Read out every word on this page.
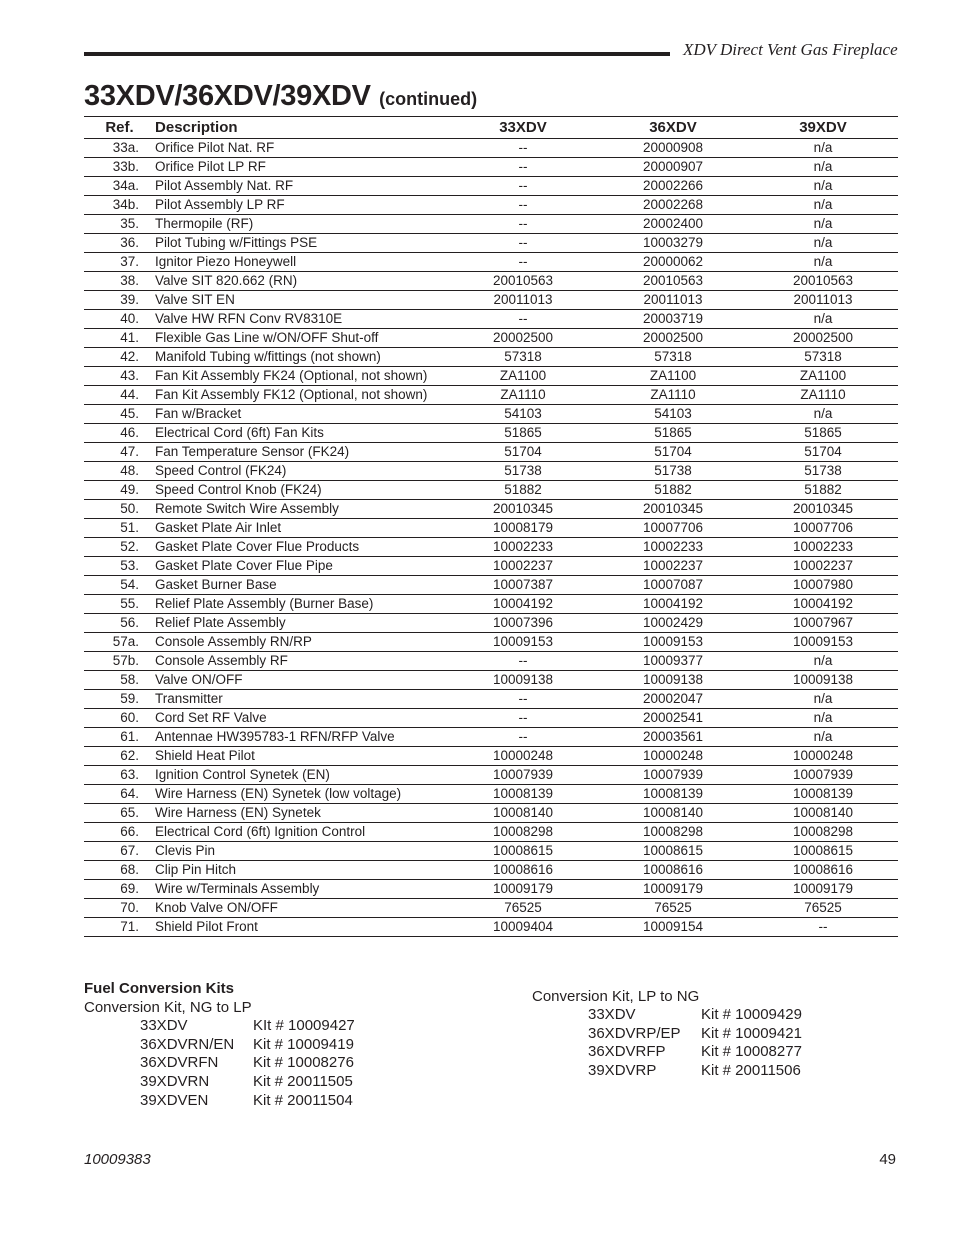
XDV Direct Vent Gas Fireplace
33XDV/36XDV/39XDV (continued)
Ref.	Description	33XDV	36XDV	39XDV
33a.	Orifice Pilot Nat. RF	--	20000908	n/a
33b.	Orifice Pilot LP RF	--	20000907	n/a
34a.	Pilot Assembly Nat. RF	--	20002266	n/a
34b.	Pilot Assembly LP RF	--	20002268	n/a
35.	Thermopile (RF)	--	20002400	n/a
36.	Pilot Tubing w/Fittings PSE	--	10003279	n/a
37.	Ignitor Piezo Honeywell	--	20000062	n/a
38.	Valve SIT 820.662 (RN)	20010563	20010563	20010563
39.	Valve SIT EN	20011013	20011013	20011013
40.	Valve HW RFN Conv RV8310E	--	20003719	n/a
41.	Flexible Gas Line w/ON/OFF Shut-off	20002500	20002500	20002500
42.	Manifold Tubing w/fittings (not shown)	57318	57318	57318
43.	Fan Kit Assembly FK24 (Optional, not shown)	ZA1100	ZA1100	ZA1100
44.	Fan Kit Assembly FK12 (Optional, not shown)	ZA1110	ZA1110	ZA1110
45.	Fan w/Bracket	54103	54103	n/a
46.	Electrical Cord (6ft) Fan Kits	51865	51865	51865
47.	Fan Temperature Sensor (FK24)	51704	51704	51704
48.	Speed Control (FK24)	51738	51738	51738
49.	Speed Control Knob (FK24)	51882	51882	51882
50.	Remote Switch Wire Assembly	20010345	20010345	20010345
51.	Gasket Plate Air Inlet	10008179	10007706	10007706
52.	Gasket Plate Cover Flue Products	10002233	10002233	10002233
53.	Gasket Plate Cover Flue Pipe	10002237	10002237	10002237
54.	Gasket Burner Base	10007387	10007087	10007980
55.	Relief Plate Assembly (Burner Base)	10004192	10004192	10004192
56.	Relief Plate Assembly	10007396	10002429	10007967
57a.	Console Assembly RN/RP	10009153	10009153	10009153
57b.	Console Assembly RF	--	10009377	n/a
58.	Valve ON/OFF	10009138	10009138	10009138
59.	Transmitter	--	20002047	n/a
60.	Cord Set RF Valve	--	20002541	n/a
61.	Antennae HW395783-1 RFN/RFP Valve	--	20003561	n/a
62.	Shield Heat Pilot	10000248	10000248	10000248
63.	Ignition Control Synetek (EN)	10007939	10007939	10007939
64.	Wire Harness (EN) Synetek (low voltage)	10008139	10008139	10008139
65.	Wire Harness (EN) Synetek	10008140	10008140	10008140
66.	Electrical Cord (6ft) Ignition Control	10008298	10008298	10008298
67.	Clevis Pin	10008615	10008615	10008615
68.	Clip Pin Hitch	10008616	10008616	10008616
69.	Wire w/Terminals Assembly	10009179	10009179	10009179
70.	Knob Valve ON/OFF	76525	76525	76525
71.	Shield Pilot Front	10009404	10009154	--
Fuel Conversion Kits
Conversion Kit, NG to LP
33XDV	KIt # 10009427
36XDVRN/EN	Kit # 10009419
36XDVRFN	Kit # 10008276
39XDVRN	Kit # 20011505
39XDVEN	Kit # 20011504
Conversion Kit, LP to NG
33XDV	Kit # 10009429
36XDVRP/EP	Kit # 10009421
36XDVRFP	Kit # 10008277
39XDVRP	Kit # 20011506
10009383	49
